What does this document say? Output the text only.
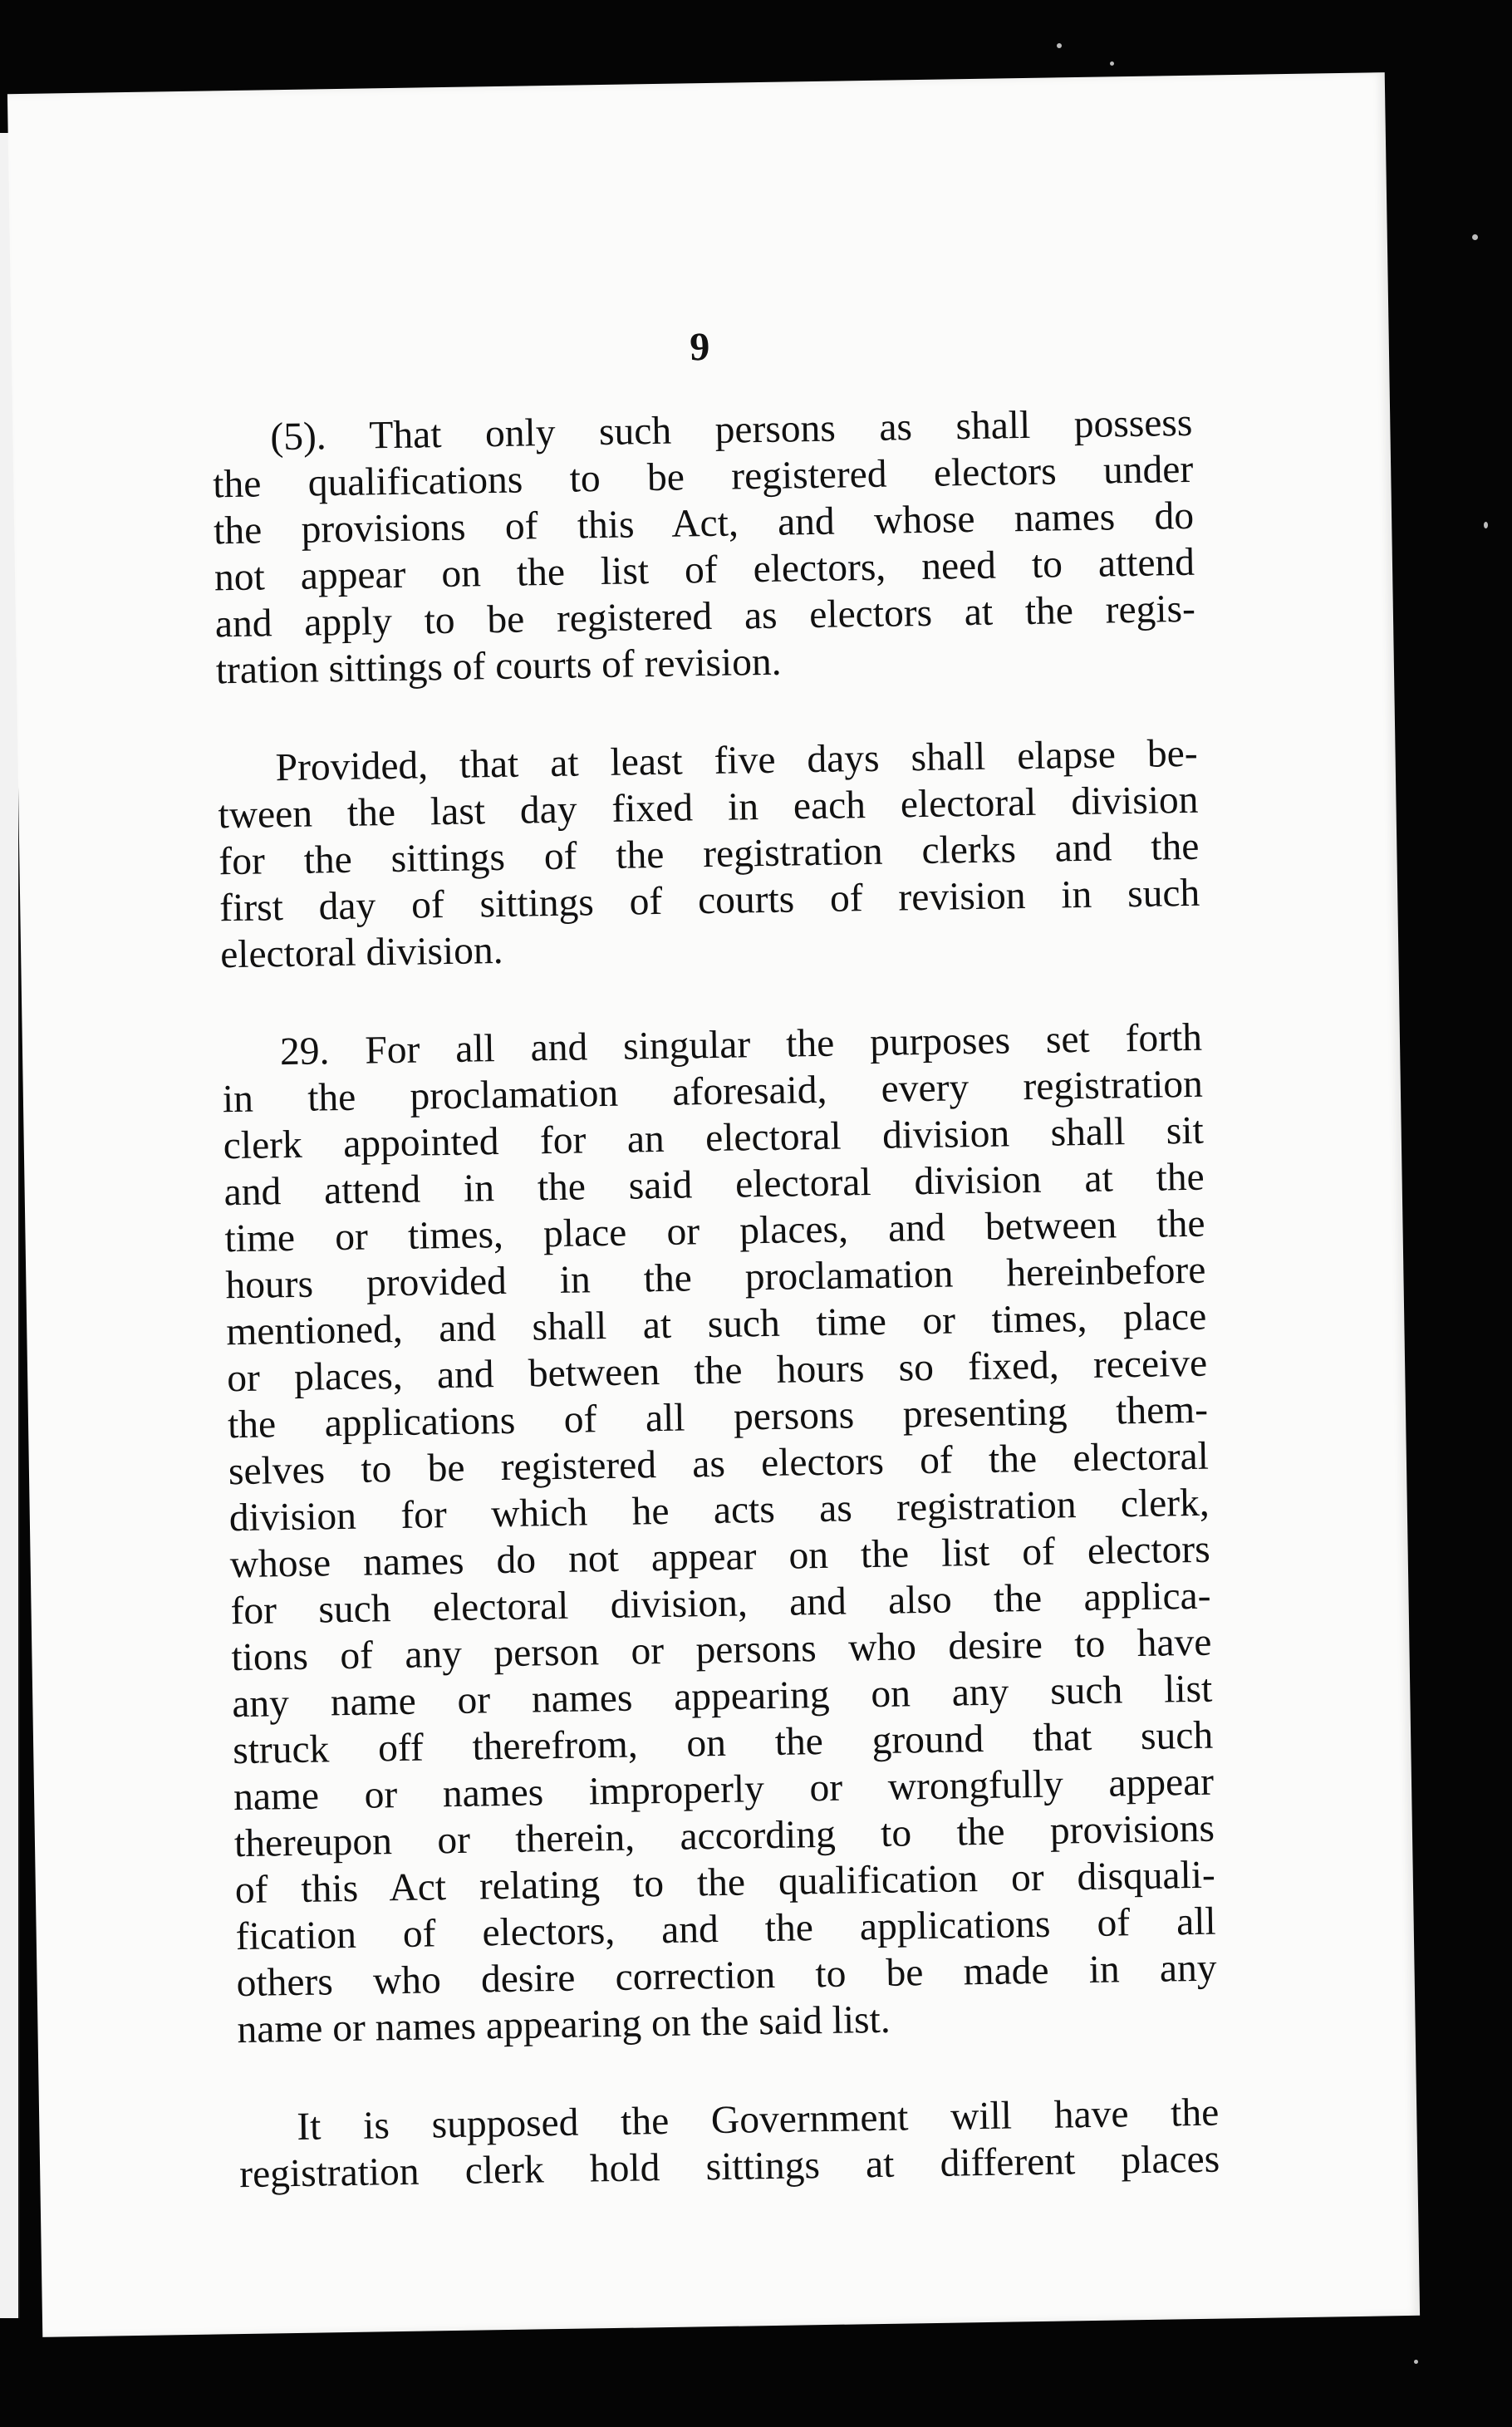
9
(5). That only such persons as shall possess
the qualifications to be registered electors under
the provisions of this Act, and whose names do
not appear on the list of electors, need to attend
and apply to be registered as electors at the regis-
tration sittings of courts of revision.
Provided, that at least five days shall elapse be-
tween the last day fixed in each electoral division
for the sittings of the registration clerks and the
first day of sittings of courts of revision in such
electoral division.
29. For all and singular the purposes set forth
in the proclamation aforesaid, every registration
clerk appointed for an electoral division shall sit
and attend in the said electoral division at the
time or times, place or places, and between the
hours provided in the proclamation hereinbefore
mentioned, and shall at such time or times, place
or places, and between the hours so fixed, receive
the applications of all persons presenting them-
selves to be registered as electors of the electoral
division for which he acts as registration clerk,
whose names do not appear on the list of electors
for such electoral division, and also the applica-
tions of any person or persons who desire to have
any name or names appearing on any such list
struck off therefrom, on the ground that such
name or names improperly or wrongfully appear
thereupon or therein, according to the provisions
of this Act relating to the qualification or disquali-
fication of electors, and the applications of all
others who desire correction to be made in any
name or names appearing on the said list.
It is supposed the Government will have the
registration clerk hold sittings at different places
